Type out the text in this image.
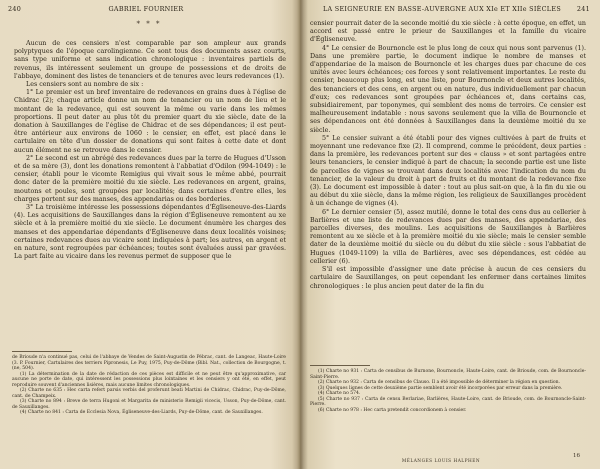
240	GABRIEL FOURNIER
* * *

Aucun de ces censiers n'est comparable par son ampleur aux grands polyptyques de l'époque carolingienne. Ce sont tous des documents assez courts, sans type uniforme et sans indication chronologique : inventaires partiels de revenus, ils intéressent seulement un groupe de possessions et de droits de l'abbaye, dominent des listes de tenanciers et de tenures avec leurs redevances (1).

Les censiers sont au nombre de six :

1° Le premier est un bref inventaire de redevances en grains dues à l'église de Chidrac (2); chaque article donne un nom de tenancier ou un nom de lieu et le montant de la redevance, qui est souvent la même ou varie dans les mêmes proportions. Il peut dater au plus tôt du premier quart du xie siècle, date de la donation à Sauxillanges de l'église de Chidrac et de ses dépendances; il est peut-être antérieur aux environs de 1060 : le censier, en effet, est placé dans le cartulaire en tête d'un dossier de donations qui sont faites à cette date et dont aucun élément ne se retrouve dans le censier.

2° Le second est un abrégé des redevances dues par la terre de Hugues d'Usson et de sa mère (3), dont les donations remontent à l'abbatiat d'Odilon (994-1049) : le censier, établi pour le vicomte Remigius qui vivait sous le même abbé, pourrait donc dater de la première moitié du xie siècle. Les redevances en argent, grains, moutons et poules, sont groupées par localités; dans certaines d'entre elles, les charges portent sur des manses, des appendarias ou des borderies.

3° La troisième intéresse les possessions dépendantes d'Égliseneuve-des-Liards (4). Les acquisitions de Sauxillanges dans la région d'Égliseneuve remontent au xe siècle et à la première moitié du xie siècle. Le document énumère les charges des manses et des appendariae dépendants d'Égliseneuve dans deux localités voisines; certaines redevances dues au vicaire sont indiquées à part; les autres, en argent et en nature, sont regroupées par échéances; toutes sont évaluées aussi par gravées. La part faite au vicaire dans les revenus permet de supposer que le

de Brioude n'a continué pas, celui de l'abbaye de Vendes de Saint-Augustin de Pébrac, cant. de Langeac, Haute-Loire (3. P. Fournier, Cartulaires des terriers Pipronesis, Le Puy, 1975, Puy-de-Dôme (Bibl. Nat., collection de Bourgogne, t. (ne, 504).

(1) La détermination de la date de rédaction de ces pièces est difficile et ne peut être qu'approximative, car aucune ne porte de date, qui intéressent les possessions plus lointaines et les censiers y ont été, en effet, peut reproduire souvent d'anciennes lisières, mais aucune limites chronologiques.

(2) Charte no 635 : Hec carta refert parsis verbis del proferunt beati Martini de Chidrac, Chidrac, Puy-de-Dôme, cant. de Champeix.

(3) Charte no 894 : Breve de terra Hugoni et Margarita de ministerio Remigii vicecis, Usson, Puy-de-Dôme, cant. de Sauxillanges.

(4) Charte no 841 : Carta de Ecclesia Nova, Égliseneuve-des-Liards, Puy-de-Dôme, cant. de Sauxillanges.

LA SEIGNEURIE EN BASSE-AUVERGNE AUX XIe ET XIIe SIÈCLES	241

censier pourrait dater de la seconde moitié du xie siècle : à cette époque, en effet, un accord est passé entre le prieur de Sauxillanges et la famille du vicaire d'Égliseneuve.

4° Le censier de Bournoncle est le plus long de ceux qui nous sont parvenus (1). Dans une première partie, le document indique le nombre de manses et d'appendariae de la maison de Bournoncle et les charges dues par chacune de ces unités avec leurs échéances; ces forces y sont relativement importantes. Le reste du censier, beaucoup plus long, est une liste, pour Bournoncle et deux autres localités, des tenanciers et des cens, en argent ou en nature, dus individuellement par chacun d'eux; ces redevances sont groupées par échéances et, dans certains cas, subsidiairement, par toponymes, qui semblent des noms de terroirs. Ce censier est malheureusement indatable : nous savons seulement que la villa de Bournoncle et ses dépendances ont été données à Sauxillanges dans la deuxième moitié du xe siècle.

5° Le censier suivant a été établi pour des vignes cultivées à part de fruits et moyennant une redevance fixe (2). Il comprend, comme le précédent, deux parties : dans la première, les redevances portent sur des « clauss » et sont partagées entre leurs tenanciers, le censier indiqué à part de chacun; la seconde partie est une liste de parcelles de vignes se trouvant dans deux localités avec l'indication du nom du tenancier, de la valeur du droit à part de fruits et du montant de la redevance fixe (3). Le document est impossible à dater : tout au plus sait-on que, à la fin du xie ou au début du xiie siècle, dans la même région, les religieux de Sauxillanges procèdent à un échange de vignes (4).

6° Le dernier censier (5), assez mutilé, donne le total des cens dus au cellerier à Barlières et une liste de redevances dues par des manses, des appendariae, des parcelles diverses, des moulins. Les acquisitions de Sauxillanges à Barlières remontent au xe siècle et à la première moitié du xie siècle; mais le censier semble dater de la deuxième moitié du siècle ou du début du xiie siècle : sous l'abbatiat de Hugues (1049-1109) la villa de Barlières, avec ses dépendances, est cédée au cellerier (6).

S'il est impossible d'assigner une date précise à aucun de ces censiers du cartulaire de Sauxillanges, on peut cependant les enfermer dans certaines limites chronologiques : le plus ancien peut dater de la fin du

(1) Charte no 931 : Carta de censibus de Burnone, Bournoncle, Haute-Loire, cant. de Brioude, com. de Bournoncle-Saint-Pierre.

(2) Charte no 932 : Carta de censibus de Clauso. Il a été impossible de déterminer la région en question.

(3) Quelques lignes de cette deuxième partie semblent avoir été incorporées par erreur dans la première.

(4) Charte no 574.

(5) Charte no 937 : Carta de censu Berlariae, Barlières, Haute-Loire, cant. de Brioude, com. de Bournoncle-Saint-Pierre.

(6) Charte no 978 : Hec carta pretendit concordionem à censier.

16
MÉLANGES LOUIS HALPHEN
